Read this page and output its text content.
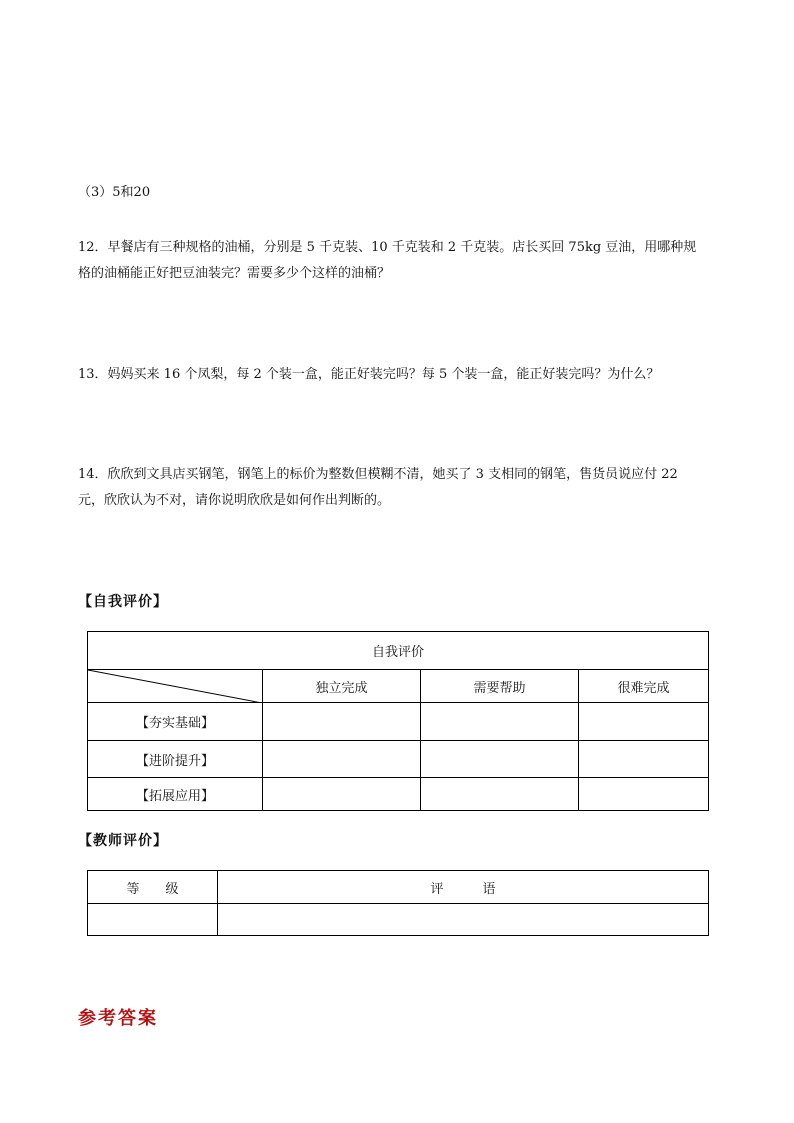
（3）5和20
12．早餐店有三种规格的油桶，分别是 5 千克装、10 千克装和 2 千克装。店长买回 75kg 豆油，用哪种规
格的油桶能正好把豆油装完？需要多少个这样的油桶？
13．妈妈买来 16 个凤梨，每 2 个装一盒，能正好装完吗？每 5 个装一盒，能正好装完吗？为什么？
14．欣欣到文具店买钢笔，钢笔上的标价为整数但模糊不清，她买了 3 支相同的钢笔，售货员说应付 22
元，欣欣认为不对，请你说明欣欣是如何作出判断的。
【自我评价】
自我评价			

	独立完成	需要帮助	很难完成
【夯实基础】			
【进阶提升】			
【拓展应用】			
【教师评价】
等　　级	评　　　语

参考答案
